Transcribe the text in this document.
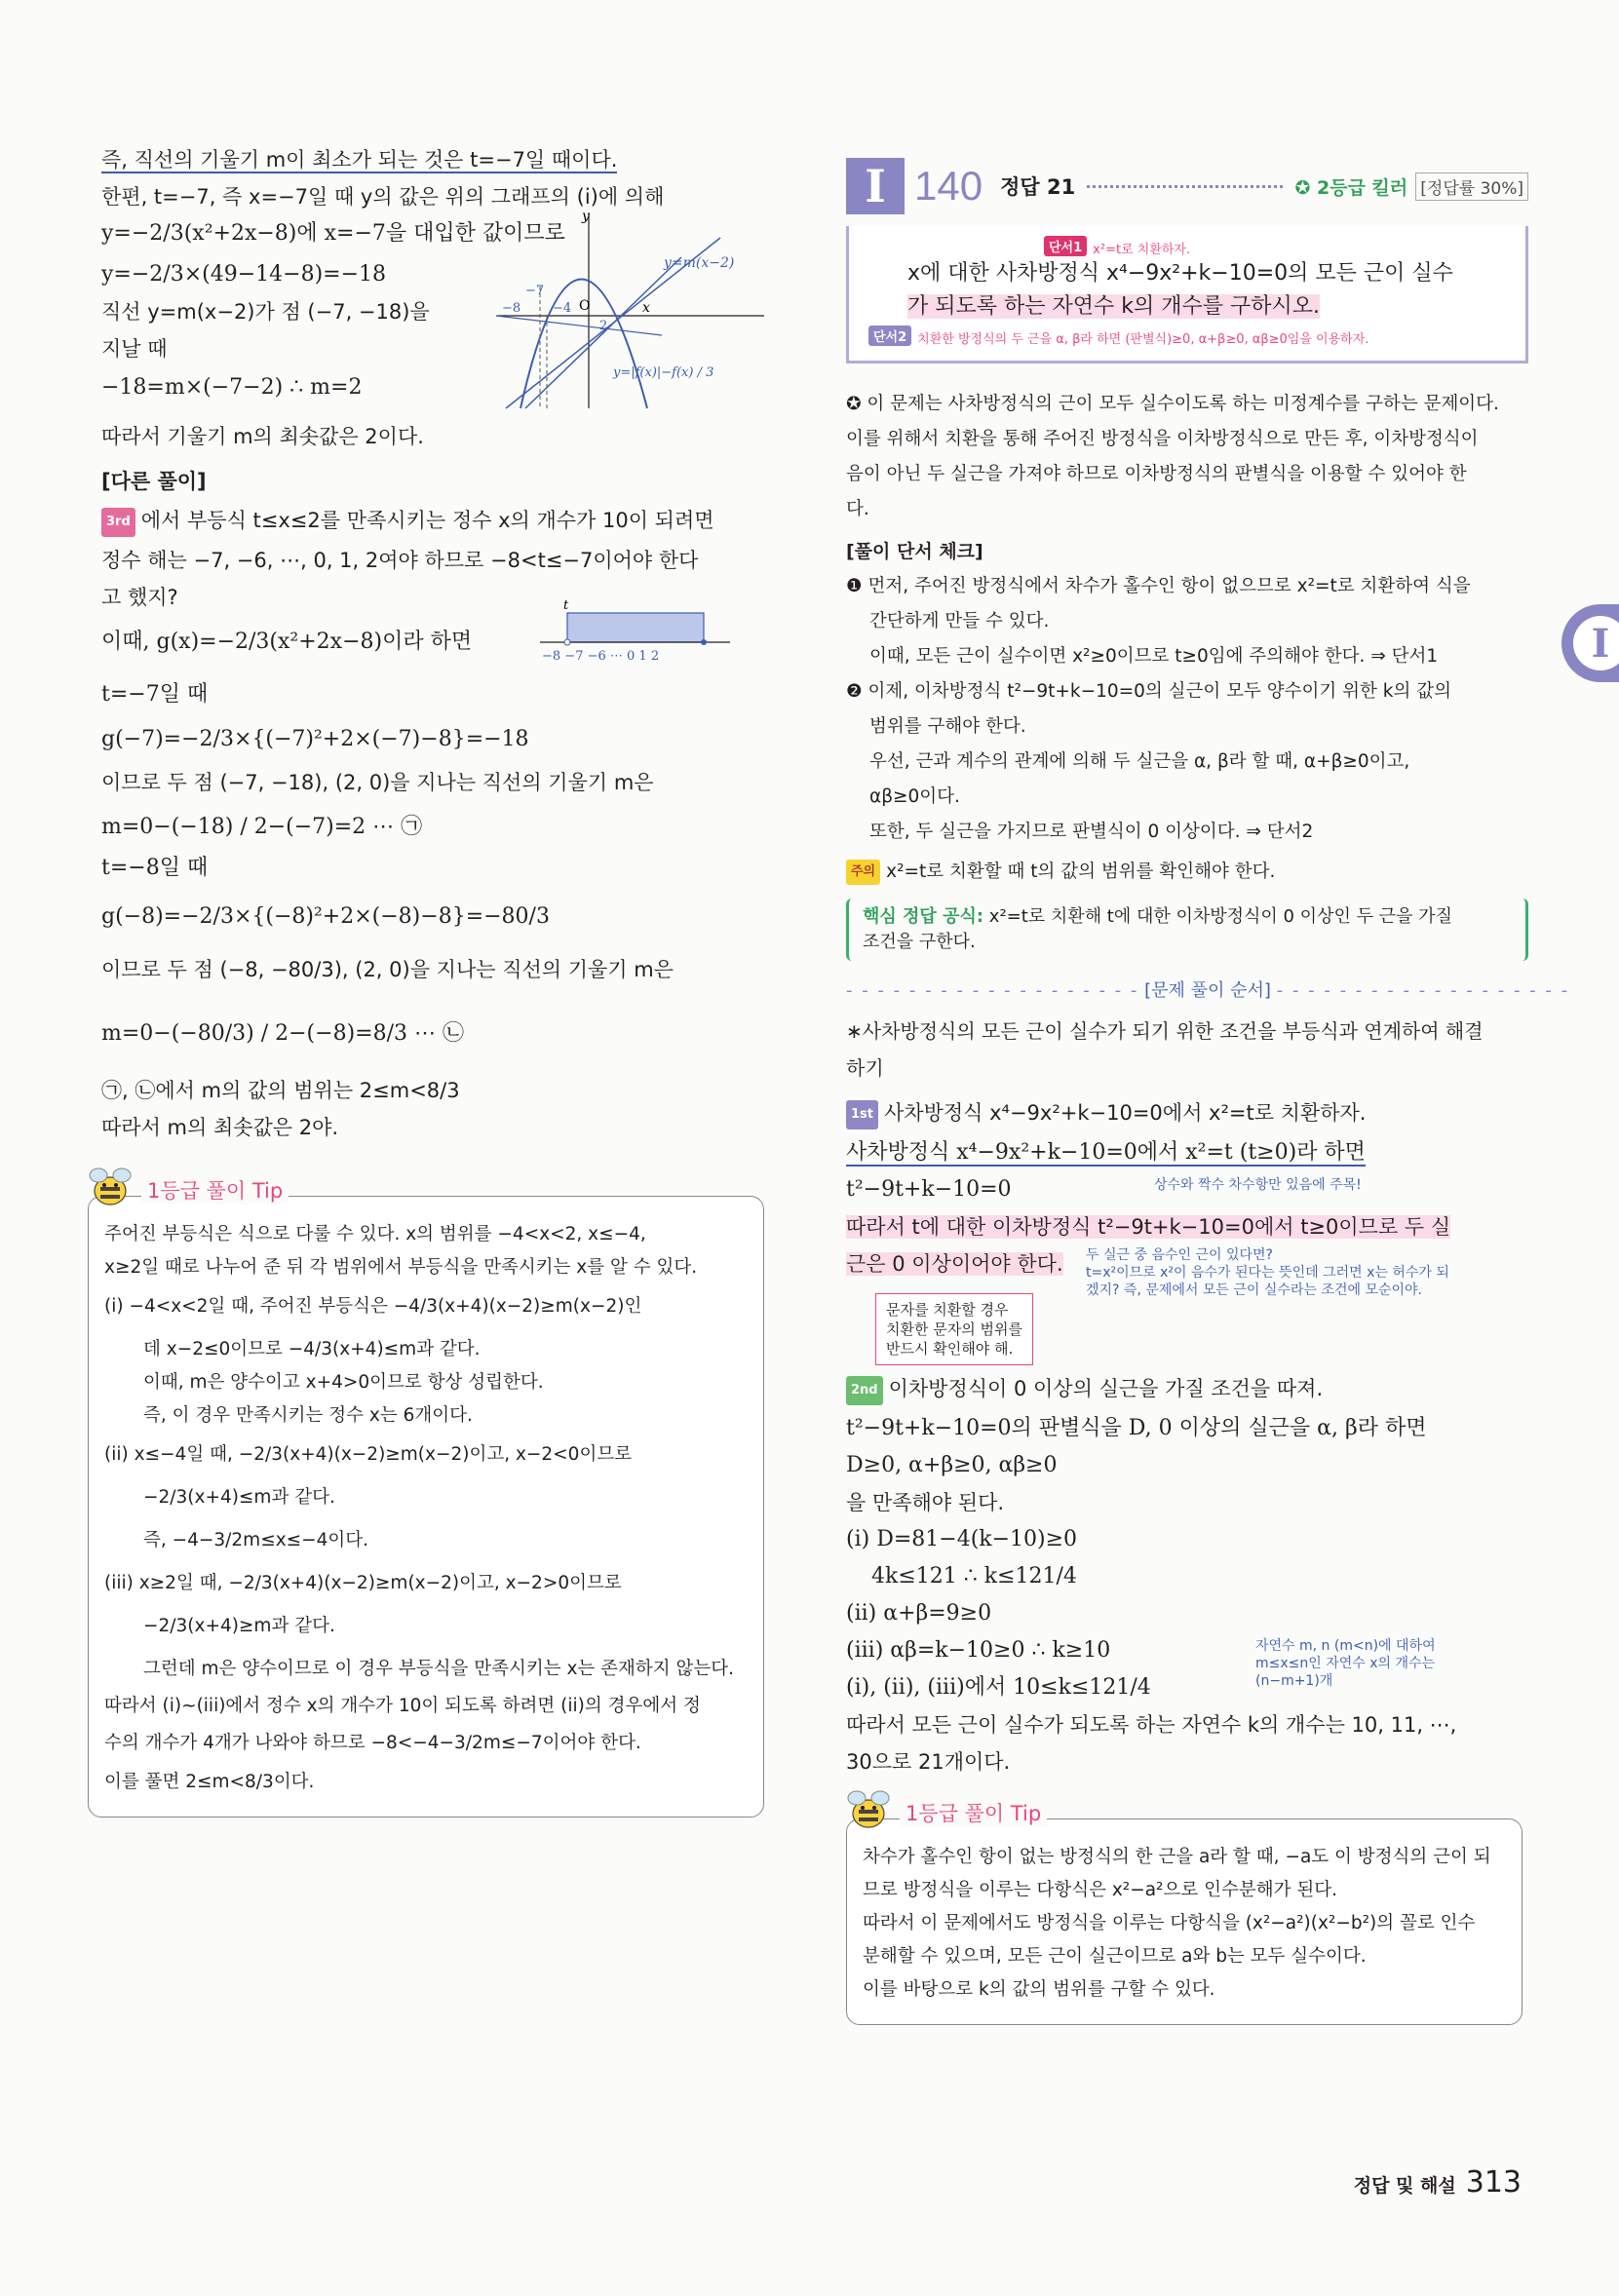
즉, 직선의 기울기 m이 최소가 되는 것은 t=−7일 때이다.
한편, t=−7, 즉 x=−7일 때 y의 값은 위의 그래프의 (i)에 의해
y=−2/3(x²+2x−8)에 x=−7을 대입한 값이므로
y=−2/3×(49−14−8)=−18
직선 y=m(x−2)가 점 (−7, −18)을
지날 때
−18=m×(−7−2) ∴ m=2
y
x
O
−7
−8	−4
2
y=m(x−2)
y=|f(x)|−f(x) / 3
따라서 기울기 m의 최솟값은 2이다.
[다른 풀이]
3rd 에서 부등식 t≤x≤2를 만족시키는 정수 x의 개수가 10이 되려면
정수 해는 −7, −6, ⋯, 0, 1, 2여야 하므로 −8<t≤−7이어야 한다
고 했지?
이때, g(x)=−2/3(x²+2x−8)이라 하면
t
−8 −7 −6 ⋯ 0 1 2
t=−7일 때
g(−7)=−2/3×{(−7)²+2×(−7)−8}=−18
이므로 두 점 (−7, −18), (2, 0)을 지나는 직선의 기울기 m은
m=0−(−18) / 2−(−7)=2 ⋯ ㉠
t=−8일 때
g(−8)=−2/3×{(−8)²+2×(−8)−8}=−80/3
이므로 두 점 (−8, −80/3), (2, 0)을 지나는 직선의 기울기 m은
m=0−(−80/3) / 2−(−8)=8/3 ⋯ ㉡
㉠, ㉡에서 m의 값의 범위는 2≤m<8/3
따라서 m의 최솟값은 2야.
1등급 풀이 Tip
주어진 부등식은 식으로 다룰 수 있다. x의 범위를 −4<x<2, x≤−4,
x≥2일 때로 나누어 준 뒤 각 범위에서 부등식을 만족시키는 x를 알 수 있다.
(i) −4<x<2일 때, 주어진 부등식은 −4/3(x+4)(x−2)≥m(x−2)인
데 x−2≤0이므로 −4/3(x+4)≤m과 같다.
이때, m은 양수이고 x+4>0이므로 항상 성립한다.
즉, 이 경우 만족시키는 정수 x는 6개이다.
(ii) x≤−4일 때, −2/3(x+4)(x−2)≥m(x−2)이고, x−2<0이므로
−2/3(x+4)≤m과 같다.
즉, −4−3/2m≤x≤−4이다.
(iii) x≥2일 때, −2/3(x+4)(x−2)≥m(x−2)이고, x−2>0이므로
−2/3(x+4)≥m과 같다.
그런데 m은 양수이므로 이 경우 부등식을 만족시키는 x는 존재하지 않는다.
따라서 (i)~(iii)에서 정수 x의 개수가 10이 되도록 하려면 (ii)의 경우에서 정
수의 개수가 4개가 나와야 하므로 −8<−4−3/2m≤−7이어야 한다.
이를 풀면 2≤m<8/3이다.
I 140 정답 21	✪ 2등급 킬러 [정답률 30%]
단서1 x²=t로 치환하자.
x에 대한 사차방정식 x⁴−9x²+k−10=0의 모든 근이 실수
가 되도록 하는 자연수 k의 개수를 구하시오.
단서2 치환한 방정식의 두 근을 α, β라 하면 (판별식)≥0, α+β≥0, αβ≥0임을 이용하자.
✪ 이 문제는 사차방정식의 근이 모두 실수이도록 하는 미정계수를 구하는 문제이다.
이를 위해서 치환을 통해 주어진 방정식을 이차방정식으로 만든 후, 이차방정식이
음이 아닌 두 실근을 가져야 하므로 이차방정식의 판별식을 이용할 수 있어야 한
다.
[풀이 단서 체크]
❶ 먼저, 주어진 방정식에서 차수가 홀수인 항이 없으므로 x²=t로 치환하여 식을
간단하게 만들 수 있다.
이때, 모든 근이 실수이면 x²≥0이므로 t≥0임에 주의해야 한다. ⇒ 단서1
❷ 이제, 이차방정식 t²−9t+k−10=0의 실근이 모두 양수이기 위한 k의 값의
범위를 구해야 한다.
우선, 근과 계수의 관계에 의해 두 실근을 α, β라 할 때, α+β≥0이고,
αβ≥0이다.
또한, 두 실근을 가지므로 판별식이 0 이상이다. ⇒ 단서2
주의 x²=t로 치환할 때 t의 값의 범위를 확인해야 한다.
핵심 정답 공식: x²=t로 치환해 t에 대한 이차방정식이 0 이상인 두 근을 가질
조건을 구한다.
- - - - - - - - - - - - - - - - - - - [문제 풀이 순서] - - - - - - - - - - - - - - - - - - -
∗사차방정식의 모든 근이 실수가 되기 위한 조건을 부등식과 연계하여 해결
하기
1st 사차방정식 x⁴−9x²+k−10=0에서 x²=t로 치환하자.
사차방정식 x⁴−9x²+k−10=0에서 x²=t (t≥0)라 하면
t²−9t+k−10=0	상수와 짝수 차수항만 있음에 주목!
따라서 t에 대한 이차방정식 t²−9t+k−10=0에서 t≥0이므로 두 실
근은 0 이상이어야 한다.	두 실근 중 음수인 근이 있다면?
t=x²이므로 x²이 음수가 된다는 뜻인데 그러면 x는 허수가 되
겠지? 즉, 문제에서 모든 근이 실수라는 조건에 모순이야.
문자를 치환할 경우
치환한 문자의 범위를
반드시 확인해야 해.
2nd 이차방정식이 0 이상의 실근을 가질 조건을 따져.
t²−9t+k−10=0의 판별식을 D, 0 이상의 실근을 α, β라 하면
D≥0, α+β≥0, αβ≥0
을 만족해야 된다.
(i) D=81−4(k−10)≥0
4k≤121 ∴ k≤121/4
(ii) α+β=9≥0
(iii) αβ=k−10≥0 ∴ k≥10
(i), (ii), (iii)에서 10≤k≤121/4
자연수 m, n (m<n)에 대하여
m≤x≤n인 자연수 x의 개수는
(n−m+1)개
따라서 모든 근이 실수가 되도록 하는 자연수 k의 개수는 10, 11, ⋯,
30으로 21개이다.
1등급 풀이 Tip
차수가 홀수인 항이 없는 방정식의 한 근을 a라 할 때, −a도 이 방정식의 근이 되
므로 방정식을 이루는 다항식은 x²−a²으로 인수분해가 된다.
따라서 이 문제에서도 방정식을 이루는 다항식을 (x²−a²)(x²−b²)의 꼴로 인수
분해할 수 있으며, 모든 근이 실근이므로 a와 b는 모두 실수이다.
이를 바탕으로 k의 값의 범위를 구할 수 있다.
I
정답 및 해설 313
